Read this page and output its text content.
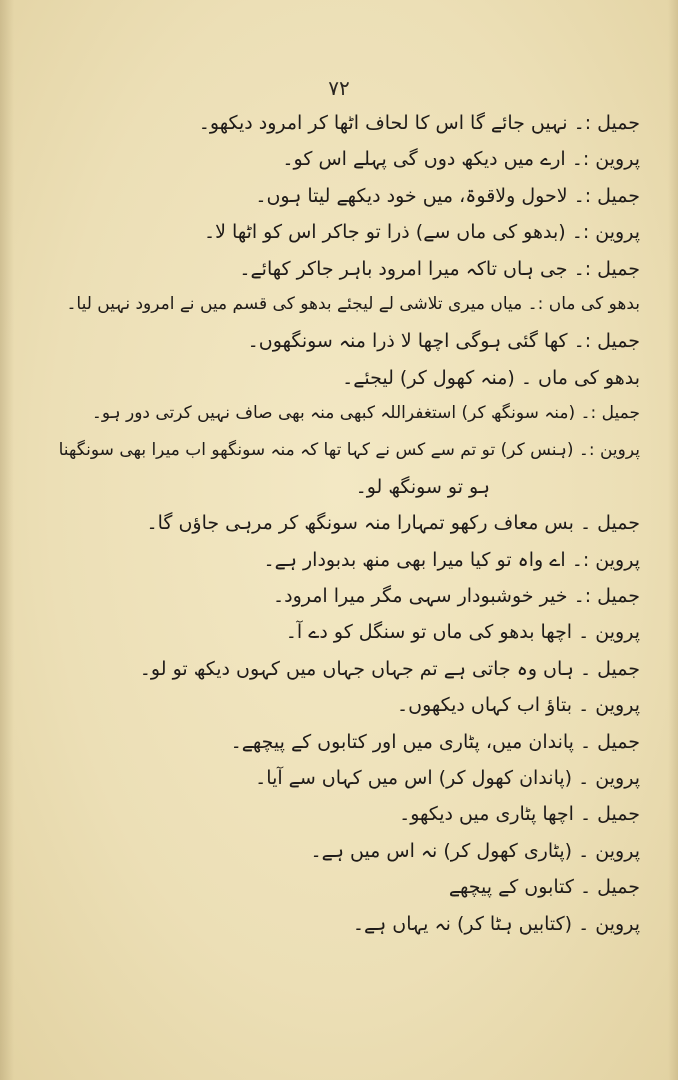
۷۲
جمیل :۔ نہیں جائے گا اس کا لحاف اٹھا کر امرود دیکھو۔
پروین :۔ ارے میں دیکھ دوں گی پہلے اس کو۔
جمیل :۔ لاحول ولاقوۃ، میں خود دیکھے لیتا ہوں۔
پروین :۔ (بدھو کی ماں سے) ذرا تو جاکر اس کو اٹھا لا۔
جمیل :۔ جی ہاں تاکہ میرا امرود باہر جاکر کھائے۔
بدھو کی ماں :۔ میاں میری تلاشی لے لیجئے بدھو کی قسم میں نے امرود نہیں لیا۔
جمیل :۔ کھا گئی ہوگی اچھا لا ذرا منہ سونگھوں۔
بدھو کی ماں ۔ (منہ کھول کر) لیجئے۔
جمیل :۔ (منہ سونگھ کر) استغفراللہ کبھی منہ بھی صاف نہیں کرتی دور ہو۔
پروین :۔ (ہنس کر) تو تم سے کس نے کہا تھا کہ منہ سونگھو اب میرا بھی سونگھنا
ہو تو سونگھ لو۔
جمیل ۔ بس معاف رکھو تمہارا منہ سونگھ کر مرہی جاؤں گا۔
پروین :۔ اے واہ تو کیا میرا بھی منھ بدبودار ہے۔
جمیل :۔ خیر خوشبودار سہی مگر میرا امرود۔
پروین ۔ اچھا بدھو کی ماں تو سنگل کو دے آ۔
جمیل ۔ ہاں وہ جاتی ہے تم جہاں جہاں میں کہوں دیکھ تو لو۔
پروین ۔ بتاؤ اب کہاں دیکھوں۔
جمیل ۔ پاندان میں، پٹاری میں اور کتابوں کے پیچھے۔
پروین ۔ (پاندان کھول کر) اس میں کہاں سے آیا۔
جمیل ۔ اچھا پٹاری میں دیکھو۔
پروین ۔ (پٹاری کھول کر) نہ اس میں ہے۔
جمیل ۔ کتابوں کے پیچھے
پروین ۔ (کتابیں ہٹا کر) نہ یہاں ہے۔
